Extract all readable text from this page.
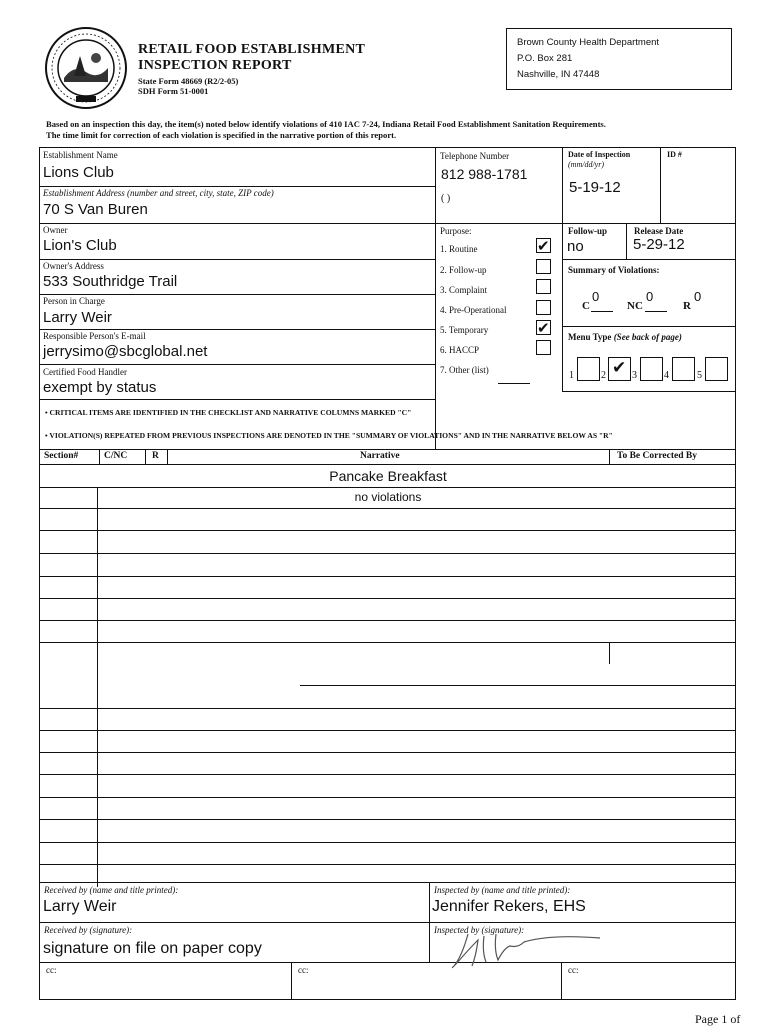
RETAIL FOOD ESTABLISHMENT
INSPECTION REPORT
State Form 48669 (R2/2-05)
SDH Form 51-0001
Brown County Health Department
P.O. Box 281
Nashville, IN 47448
Based on an inspection this day, the item(s) noted below identify violations of 410 IAC 7-24, Indiana Retail Food Establishment Sanitation Requirements.
The time limit for correction of each violation is specified in the narrative portion of this report.
Establishment Name
Lions Club
Establishment Address (number and street, city, state, ZIP code)
70 S Van Buren
Owner
Lion's Club
Owner's Address
533 Southridge Trail
Person in Charge
Larry Weir
Responsible Person's E-mail
jerrysimo@sbcglobal.net
Certified Food Handler
exempt by status
Telephone Number
812 988-1781
( )
Purpose:
1. Routine	✔
2. Follow-up
3. Complaint
4. Pre-Operational
5. Temporary	✔
6. HACCP
7. Other (list)
Date of Inspection
(mm/dd/yr)
5-19-12
ID #
Follow-up
no
Release Date
5-29-12
Summary of Violations:
C
0
NC
0
R
0
Menu Type (See back of page)
1	2 ✔ 3	4	5
• CRITICAL ITEMS ARE IDENTIFIED IN THE CHECKLIST AND NARRATIVE COLUMNS MARKED "C"
• VIOLATION(S) REPEATED FROM PREVIOUS INSPECTIONS ARE DENOTED IN THE "SUMMARY OF VIOLATIONS" AND IN THE NARRATIVE BELOW AS "R"
Section#	C/NC	R	Narrative	To Be Corrected By
Pancake Breakfast
no violations
Received by (name and title printed):
Larry Weir
Received by (signature):
signature on file on paper copy
Inspected by (name and title printed):
Jennifer Rekers, EHS
Inspected by (signature):
cc:	cc:	cc:
Page 1 of
